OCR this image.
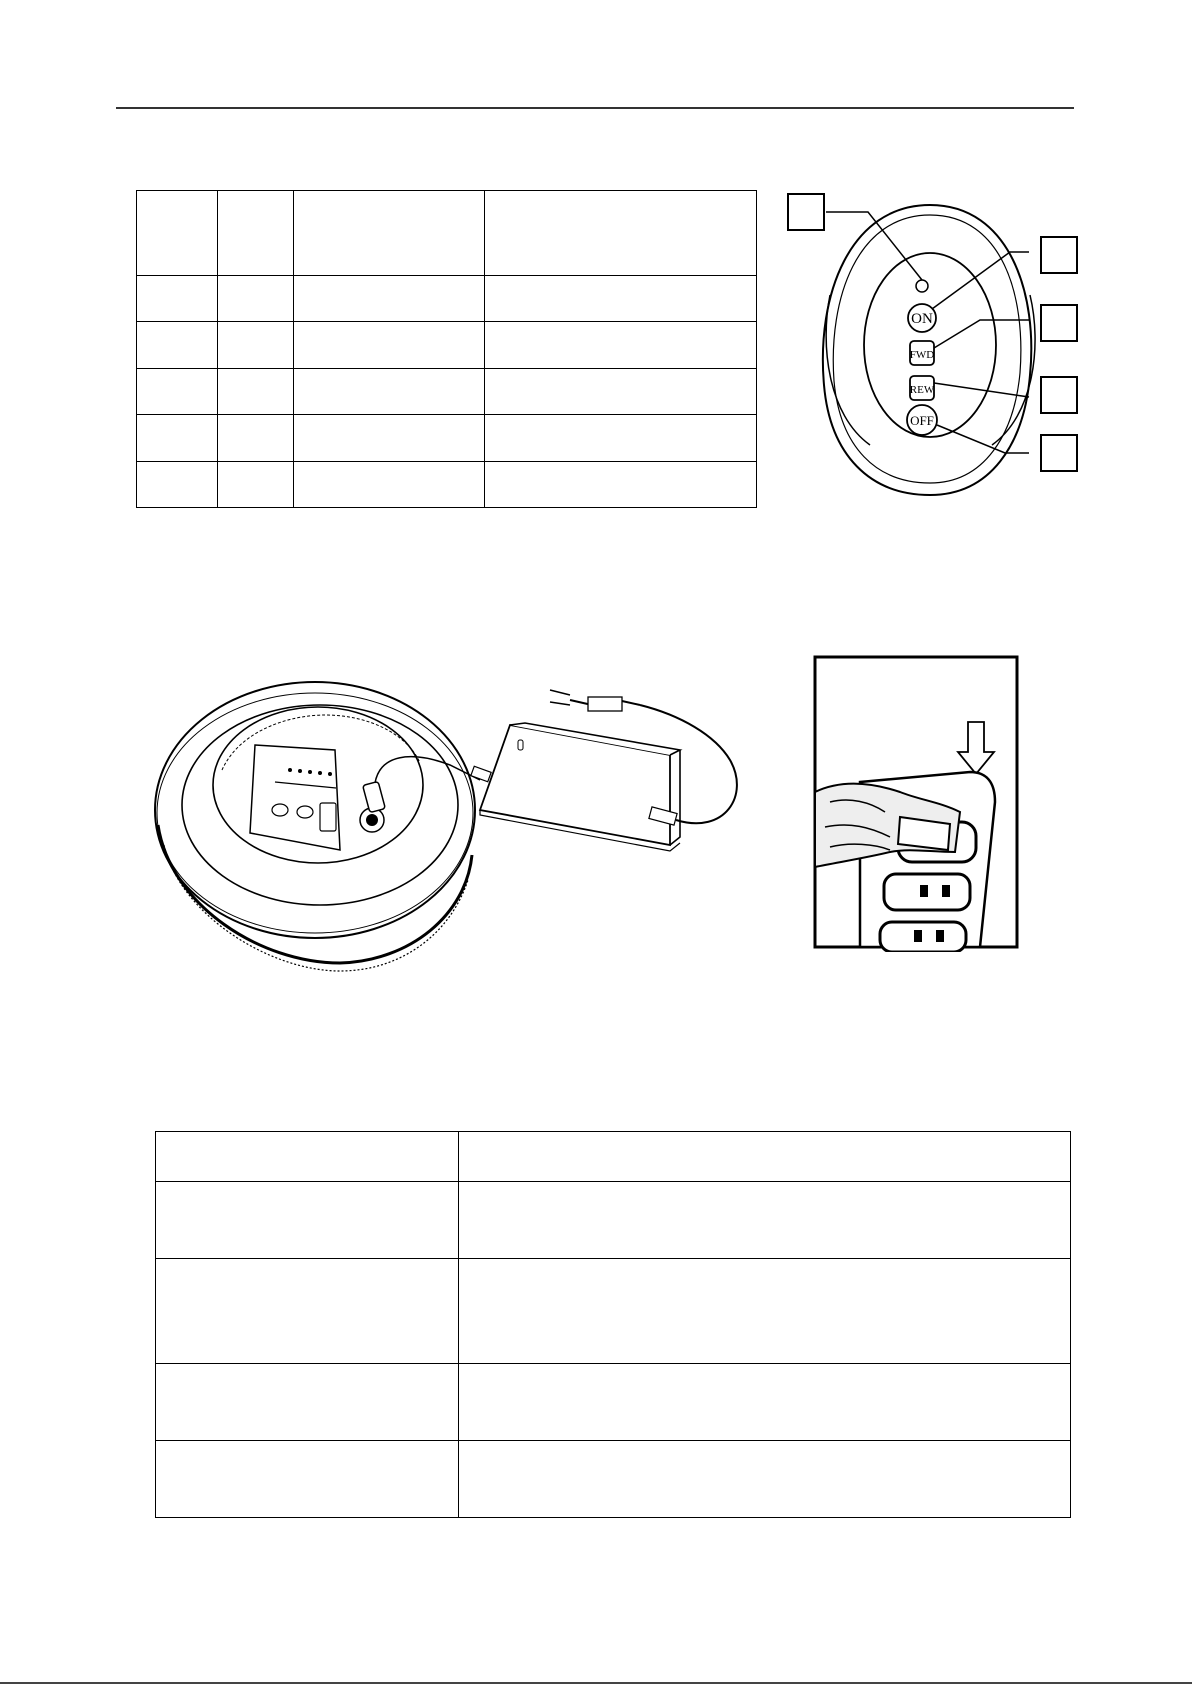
ON
FWD
REW
OFF
